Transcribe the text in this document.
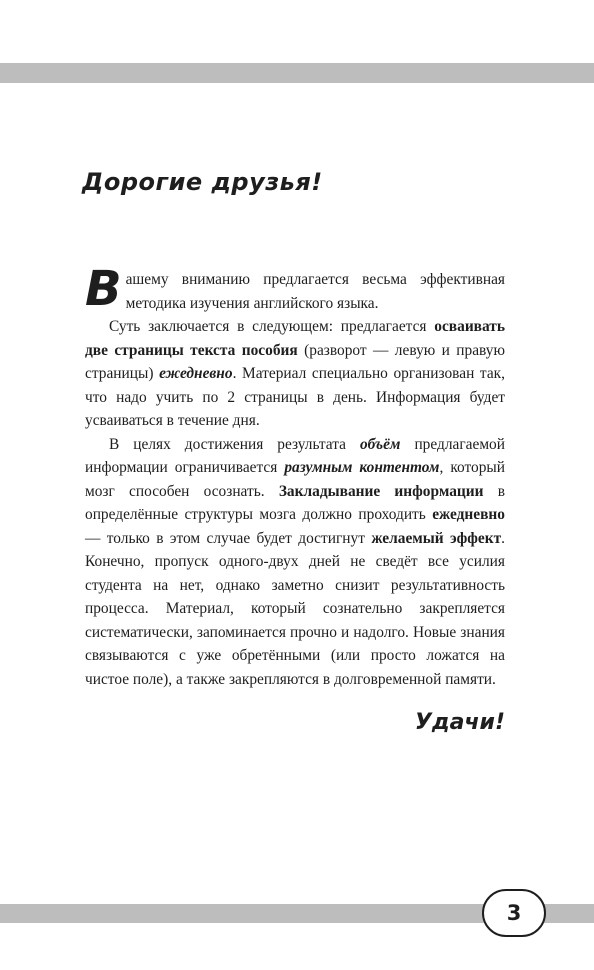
Дорогие друзья!

Вашему вниманию предлагается весьма эффективная методика изучения английского языка.

Суть заключается в следующем: предлагается осваивать две страницы текста пособия (разворот — левую и правую страницы) ежедневно. Материал специально организован так, что надо учить по 2 страницы в день. Информация будет усваиваться в течение дня.

В целях достижения результата объём предлагаемой информации ограничивается разумным контентом, который мозг способен осознать. Закладывание информации в определённые структуры мозга должно проходить ежедневно — только в этом случае будет достигнут желаемый эффект. Конечно, пропуск одного-двух дней не сведёт все усилия студента на нет, однако заметно снизит результативность процесса. Материал, который сознательно закрепляется систематически, запоминается прочно и надолго. Новые знания связываются с уже обретёнными (или просто ложатся на чистое поле), а также закрепляются в долговременной памяти.

Удачи!

3
